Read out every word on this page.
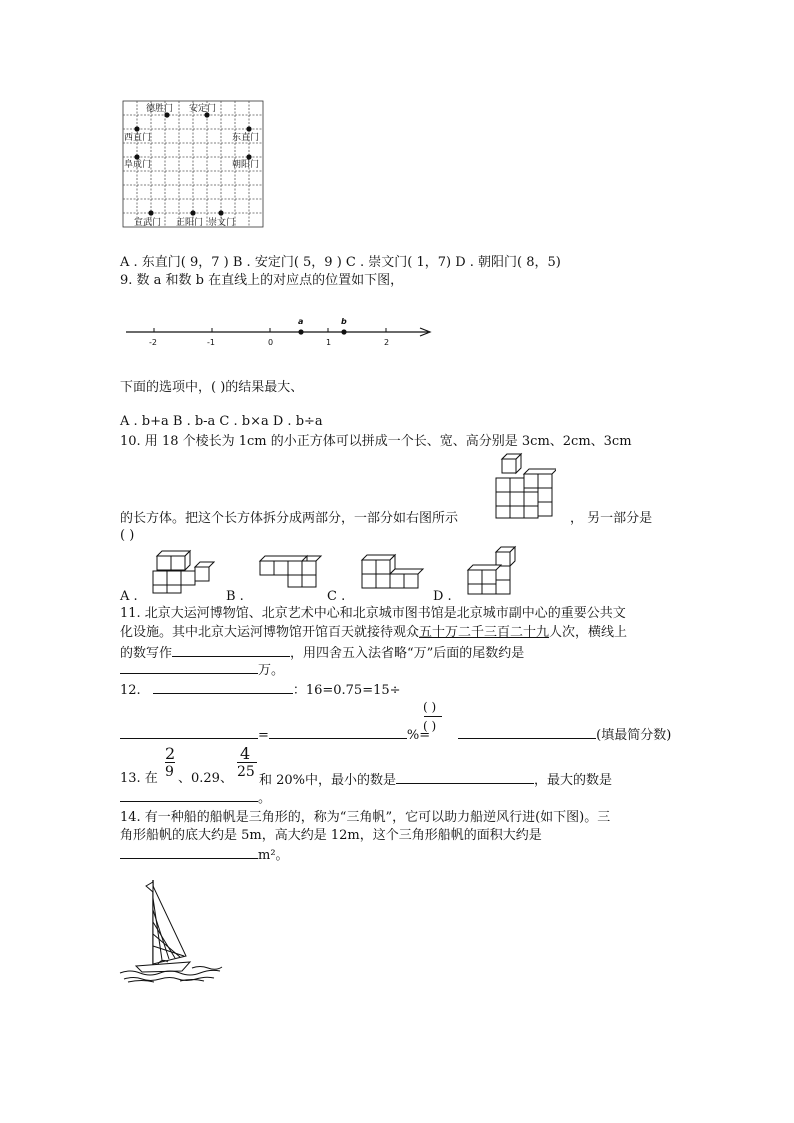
德胜门 安定门
西直门
阜成门
东直门
朝阳门
宣武门 正阳门 崇文门
A . 东直门( 9，7 ) B . 安定门( 5，9 ) C . 崇文门( 1，7) D . 朝阳门( 8，5)
9. 数 a 和数 b 在直线上的对应点的位置如下图，
a	b
-2	-1	0	1	2
下面的选项中，( )的结果最大、
A . b+a B . b-a C . b×a D . b÷a
10. 用 18 个棱长为 1cm 的小正方体可以拼成一个长、宽、高分别是 3cm、2cm、3cm
的长方体。把这个长方体拆分成两部分，一部分如右图所示	， 另一部分是
( )
A .	B .	C .	D .
11. 北京大运河博物馆、北京艺术中心和北京城市图书馆是北京城市副中心的重要公共文
化设施。其中北京大运河博物馆开馆百天就接待观众五十万二千三百二十九人次，横线上
的数写作	，用四舍五入法省略“万”后面的尾数约是
万。
12.	：16=0.75=15÷
( )
( )
=	%=	(填最简分数)
13. 在
2
9 、0.29、
4
25
和 20%中，最小的数是	，最大的数是
。
14. 有一种船的船帆是三角形的，称为“三角帆”，它可以助力船逆风行进(如下图)。三
角形船帆的底大约是 5m，高大约是 12m，这个三角形船帆的面积大约是
m²。
